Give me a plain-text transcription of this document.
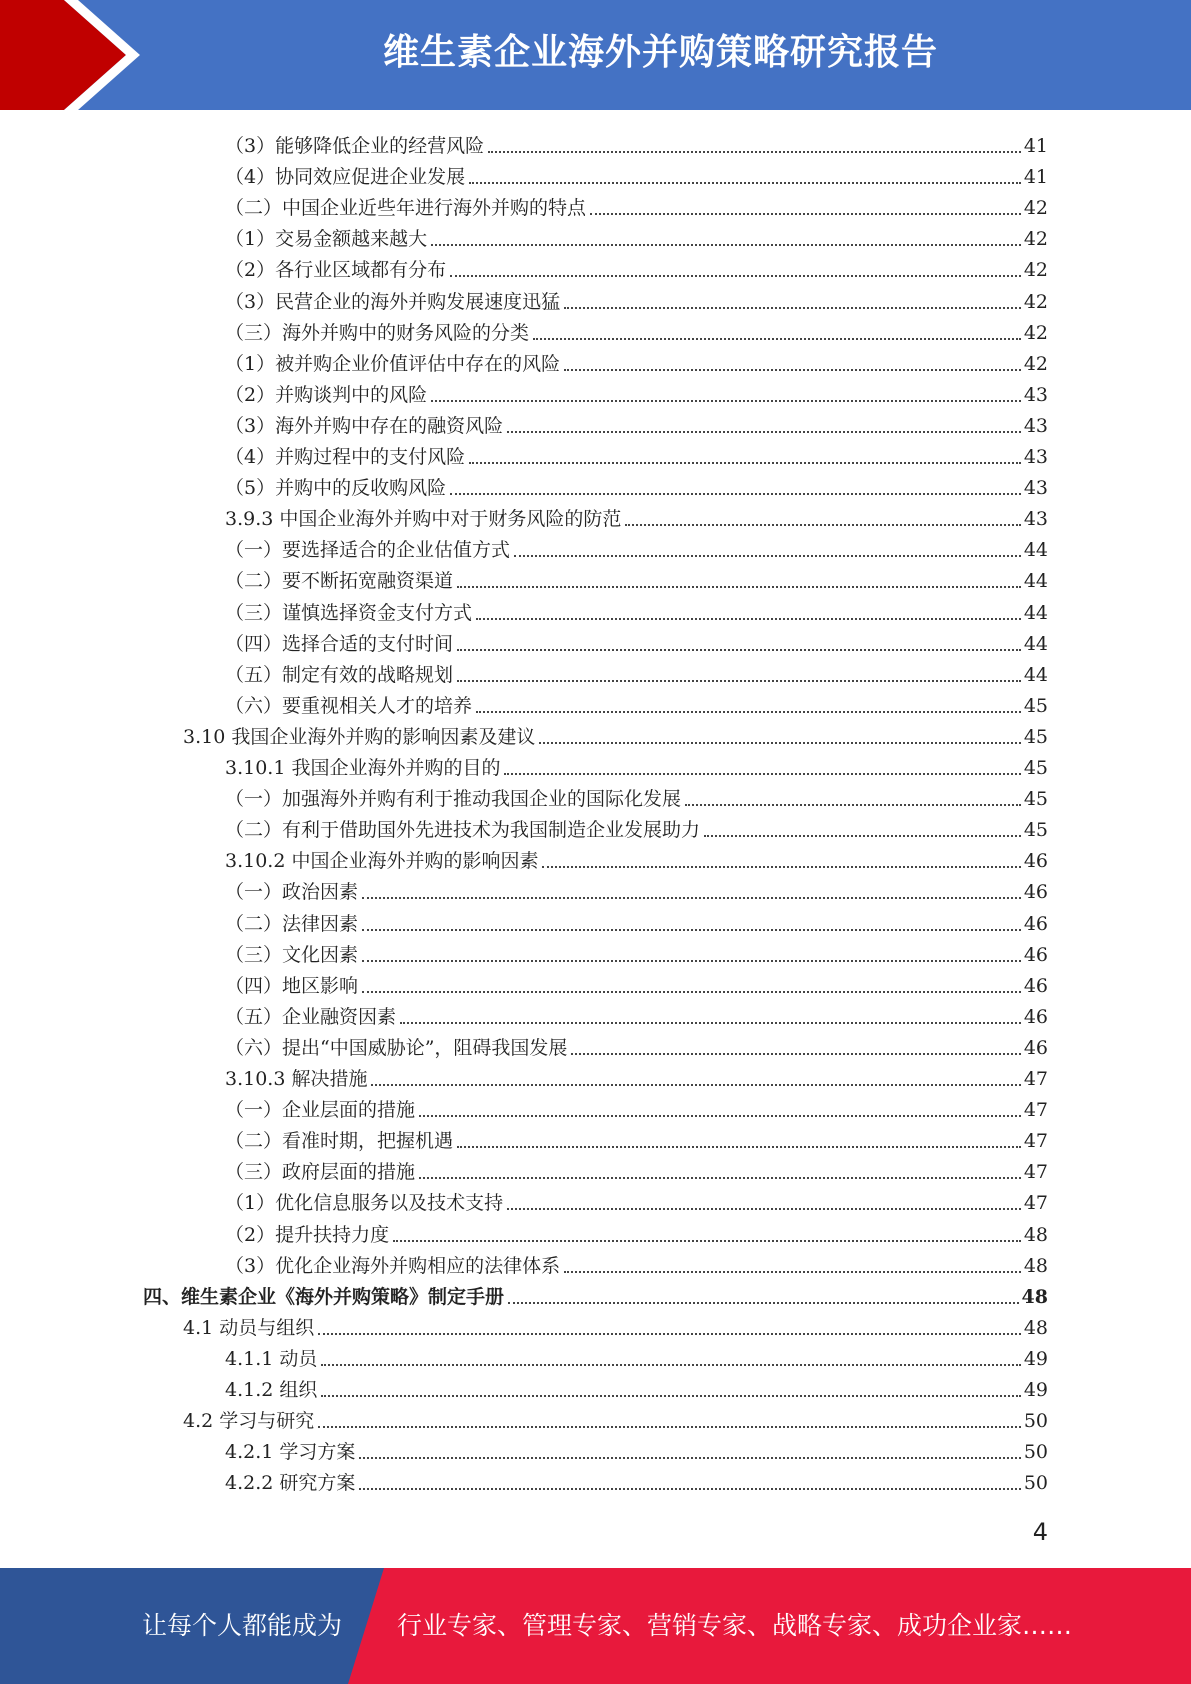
维生素企业海外并购策略研究报告
（3）能够降低企业的经营风险	41
（4）协同效应促进企业发展	41
（二）中国企业近些年进行海外并购的特点	42
（1）交易金额越来越大	42
（2）各行业区域都有分布	42
（3）民营企业的海外并购发展速度迅猛	42
（三）海外并购中的财务风险的分类	42
（1）被并购企业价值评估中存在的风险	42
（2）并购谈判中的风险	43
（3）海外并购中存在的融资风险	43
（4）并购过程中的支付风险	43
（5）并购中的反收购风险	43
3.9.3 中国企业海外并购中对于财务风险的防范	43
（一）要选择适合的企业估值方式	44
（二）要不断拓宽融资渠道	44
（三）谨慎选择资金支付方式	44
（四）选择合适的支付时间	44
（五）制定有效的战略规划	44
（六）要重视相关人才的培养	45
3.10 我国企业海外并购的影响因素及建议	45
3.10.1 我国企业海外并购的目的	45
（一）加强海外并购有利于推动我国企业的国际化发展	45
（二）有利于借助国外先进技术为我国制造企业发展助力	45
3.10.2 中国企业海外并购的影响因素	46
（一）政治因素	46
（二）法律因素	46
（三）文化因素	46
（四）地区影响	46
（五）企业融资因素	46
（六）提出“中国威胁论”，阻碍我国发展	46
3.10.3 解决措施	47
（一）企业层面的措施	47
（二）看准时期，把握机遇	47
（三）政府层面的措施	47
（1）优化信息服务以及技术支持	47
（2）提升扶持力度	48
（3）优化企业海外并购相应的法律体系	48
四、维生素企业《海外并购策略》制定手册	48
4.1 动员与组织	48
4.1.1 动员	49
4.1.2 组织	49
4.2 学习与研究	50
4.2.1 学习方案	50
4.2.2 研究方案	50
4
让每个人都能成为 行业专家、管理专家、营销专家、战略专家、成功企业家……
